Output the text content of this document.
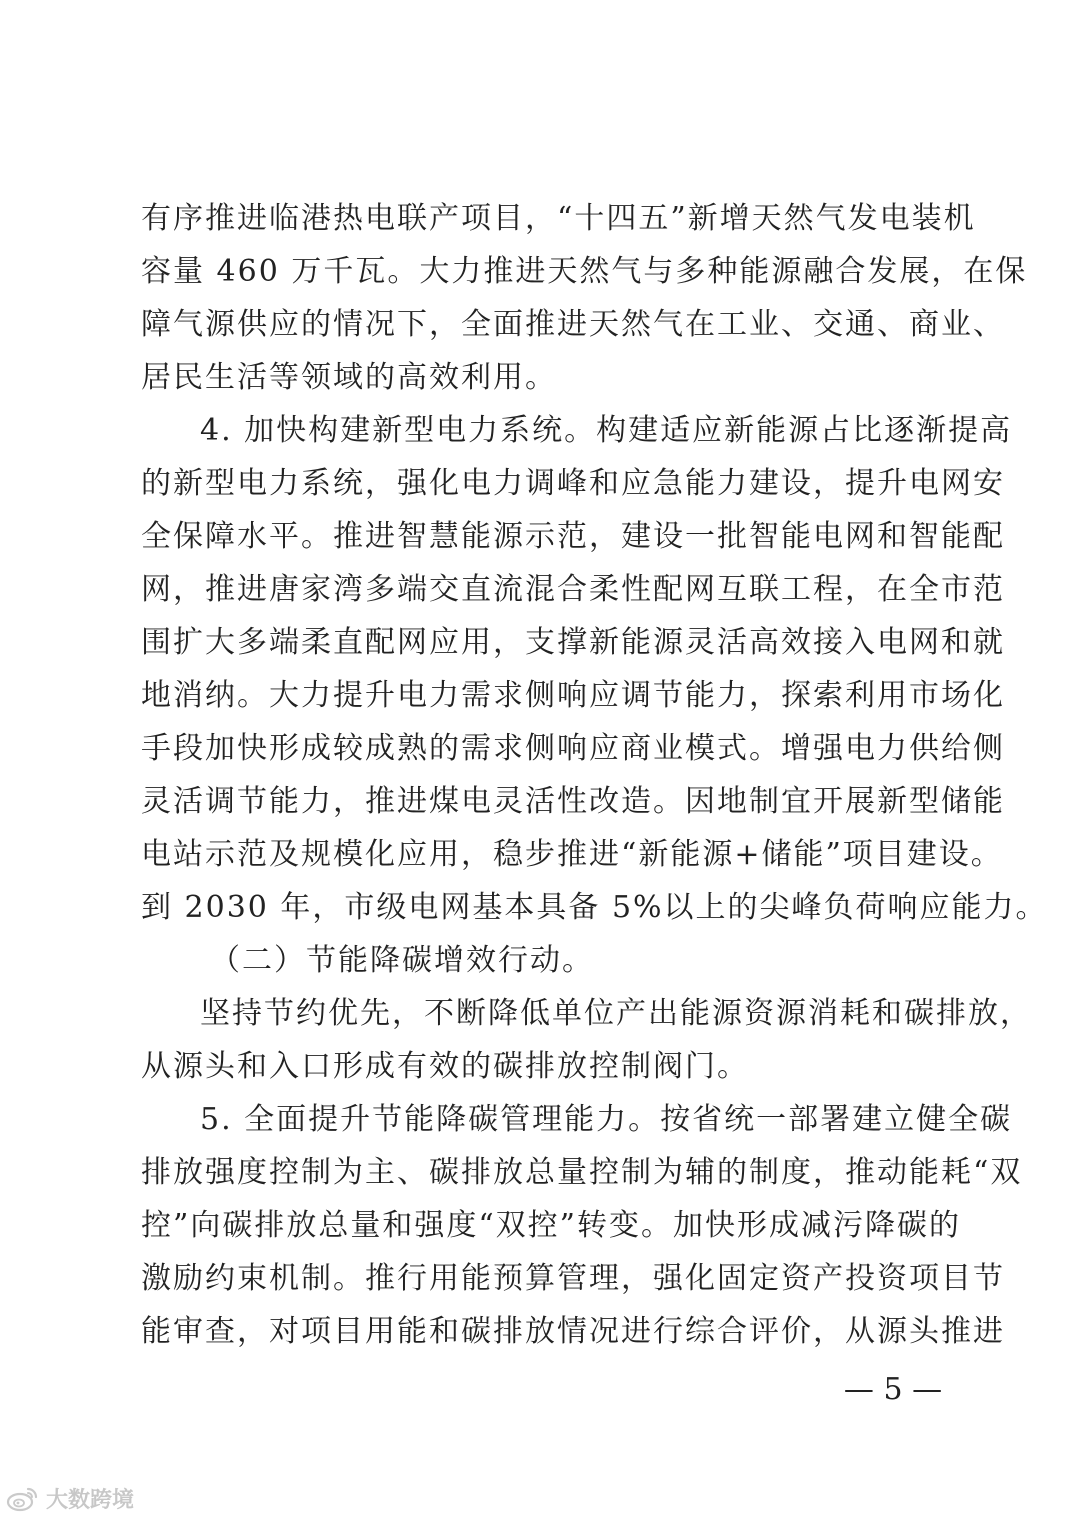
有序推进临港热电联产项目，“十四五”新增天然气发电装机
容量 460 万千瓦。大力推进天然气与多种能源融合发展，在保
障气源供应的情况下，全面推进天然气在工业、交通、商业、
居民生活等领域的高效利用。
4. 加快构建新型电力系统。构建适应新能源占比逐渐提高
的新型电力系统，强化电力调峰和应急能力建设，提升电网安
全保障水平。推进智慧能源示范，建设一批智能电网和智能配
网，推进唐家湾多端交直流混合柔性配网互联工程，在全市范
围扩大多端柔直配网应用，支撑新能源灵活高效接入电网和就
地消纳。大力提升电力需求侧响应调节能力，探索利用市场化
手段加快形成较成熟的需求侧响应商业模式。增强电力供给侧
灵活调节能力，推进煤电灵活性改造。因地制宜开展新型储能
电站示范及规模化应用，稳步推进“新能源+储能”项目建设。
到 2030 年，市级电网基本具备 5%以上的尖峰负荷响应能力。
（二）节能降碳增效行动。
坚持节约优先，不断降低单位产出能源资源消耗和碳排放，
从源头和入口形成有效的碳排放控制阀门。
5. 全面提升节能降碳管理能力。按省统一部署建立健全碳
排放强度控制为主、碳排放总量控制为辅的制度，推动能耗“双
控”向碳排放总量和强度“双控”转变。加快形成减污降碳的
激励约束机制。推行用能预算管理，强化固定资产投资项目节
能审查，对项目用能和碳排放情况进行综合评价，从源头推进
— 5 —
大数跨境
